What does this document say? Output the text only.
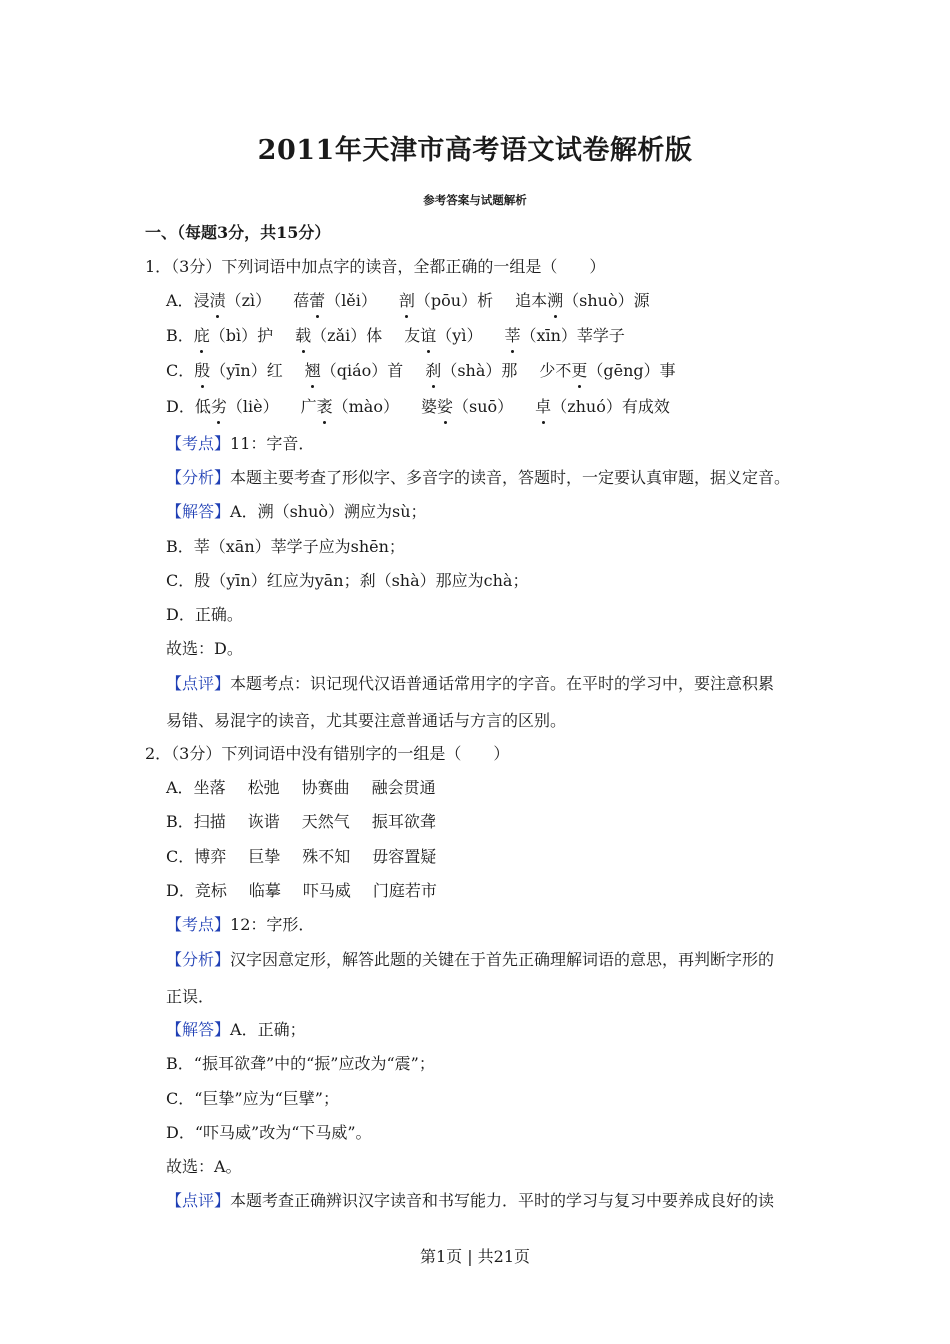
2011年天津市高考语文试卷解析版
参考答案与试题解析
一、（每题3分，共15分）
1．（3分）下列词语中加点字的读音，全都正确的一组是（　　）
A．浸渍（zì） 蓓蕾（lěi） 剖（pōu）析 追本溯（shuò）源
B．庇（bì）护 载（zǎi）体 友谊（yì） 莘（xīn）莘学子
C．殷（yīn）红 翘（qiáo）首 刹（shà）那 少不更（gēng）事
D．低劣（liè） 广袤（mào） 婆娑（suō） 卓（zhuó）有成效
【考点】11：字音．
【分析】本题主要考查了形似字、多音字的读音，答题时，一定要认真审题，据义定音。
【解答】A．溯（shuò）溯应为sù；
B．莘（xān）莘学子应为shēn；
C．殷（yīn）红应为yān；刹（shà）那应为chà；
D．正确。
故选：D。
【点评】本题考点：识记现代汉语普通话常用字的字音。在平时的学习中，要注意积累
易错、易混字的读音，尤其要注意普通话与方言的区别。
2．（3分）下列词语中没有错别字的一组是（　　）
A．坐落 松弛 协赛曲 融会贯通
B．扫描 诙谐 天然气 振耳欲聋
C．博弈 巨挚 殊不知 毋容置疑
D．竞标 临摹 吓马威 门庭若市
【考点】12：字形．
【分析】汉字因意定形，解答此题的关键在于首先正确理解词语的意思，再判断字形的
正误．
【解答】A．正确；
B．“振耳欲聋”中的“振”应改为“震”；
C．“巨挚”应为“巨擘”；
D．“吓马威”改为“下马威”。
故选：A。
【点评】本题考查正确辨识汉字读音和书写能力．平时的学习与复习中要养成良好的读
第1页 | 共21页
